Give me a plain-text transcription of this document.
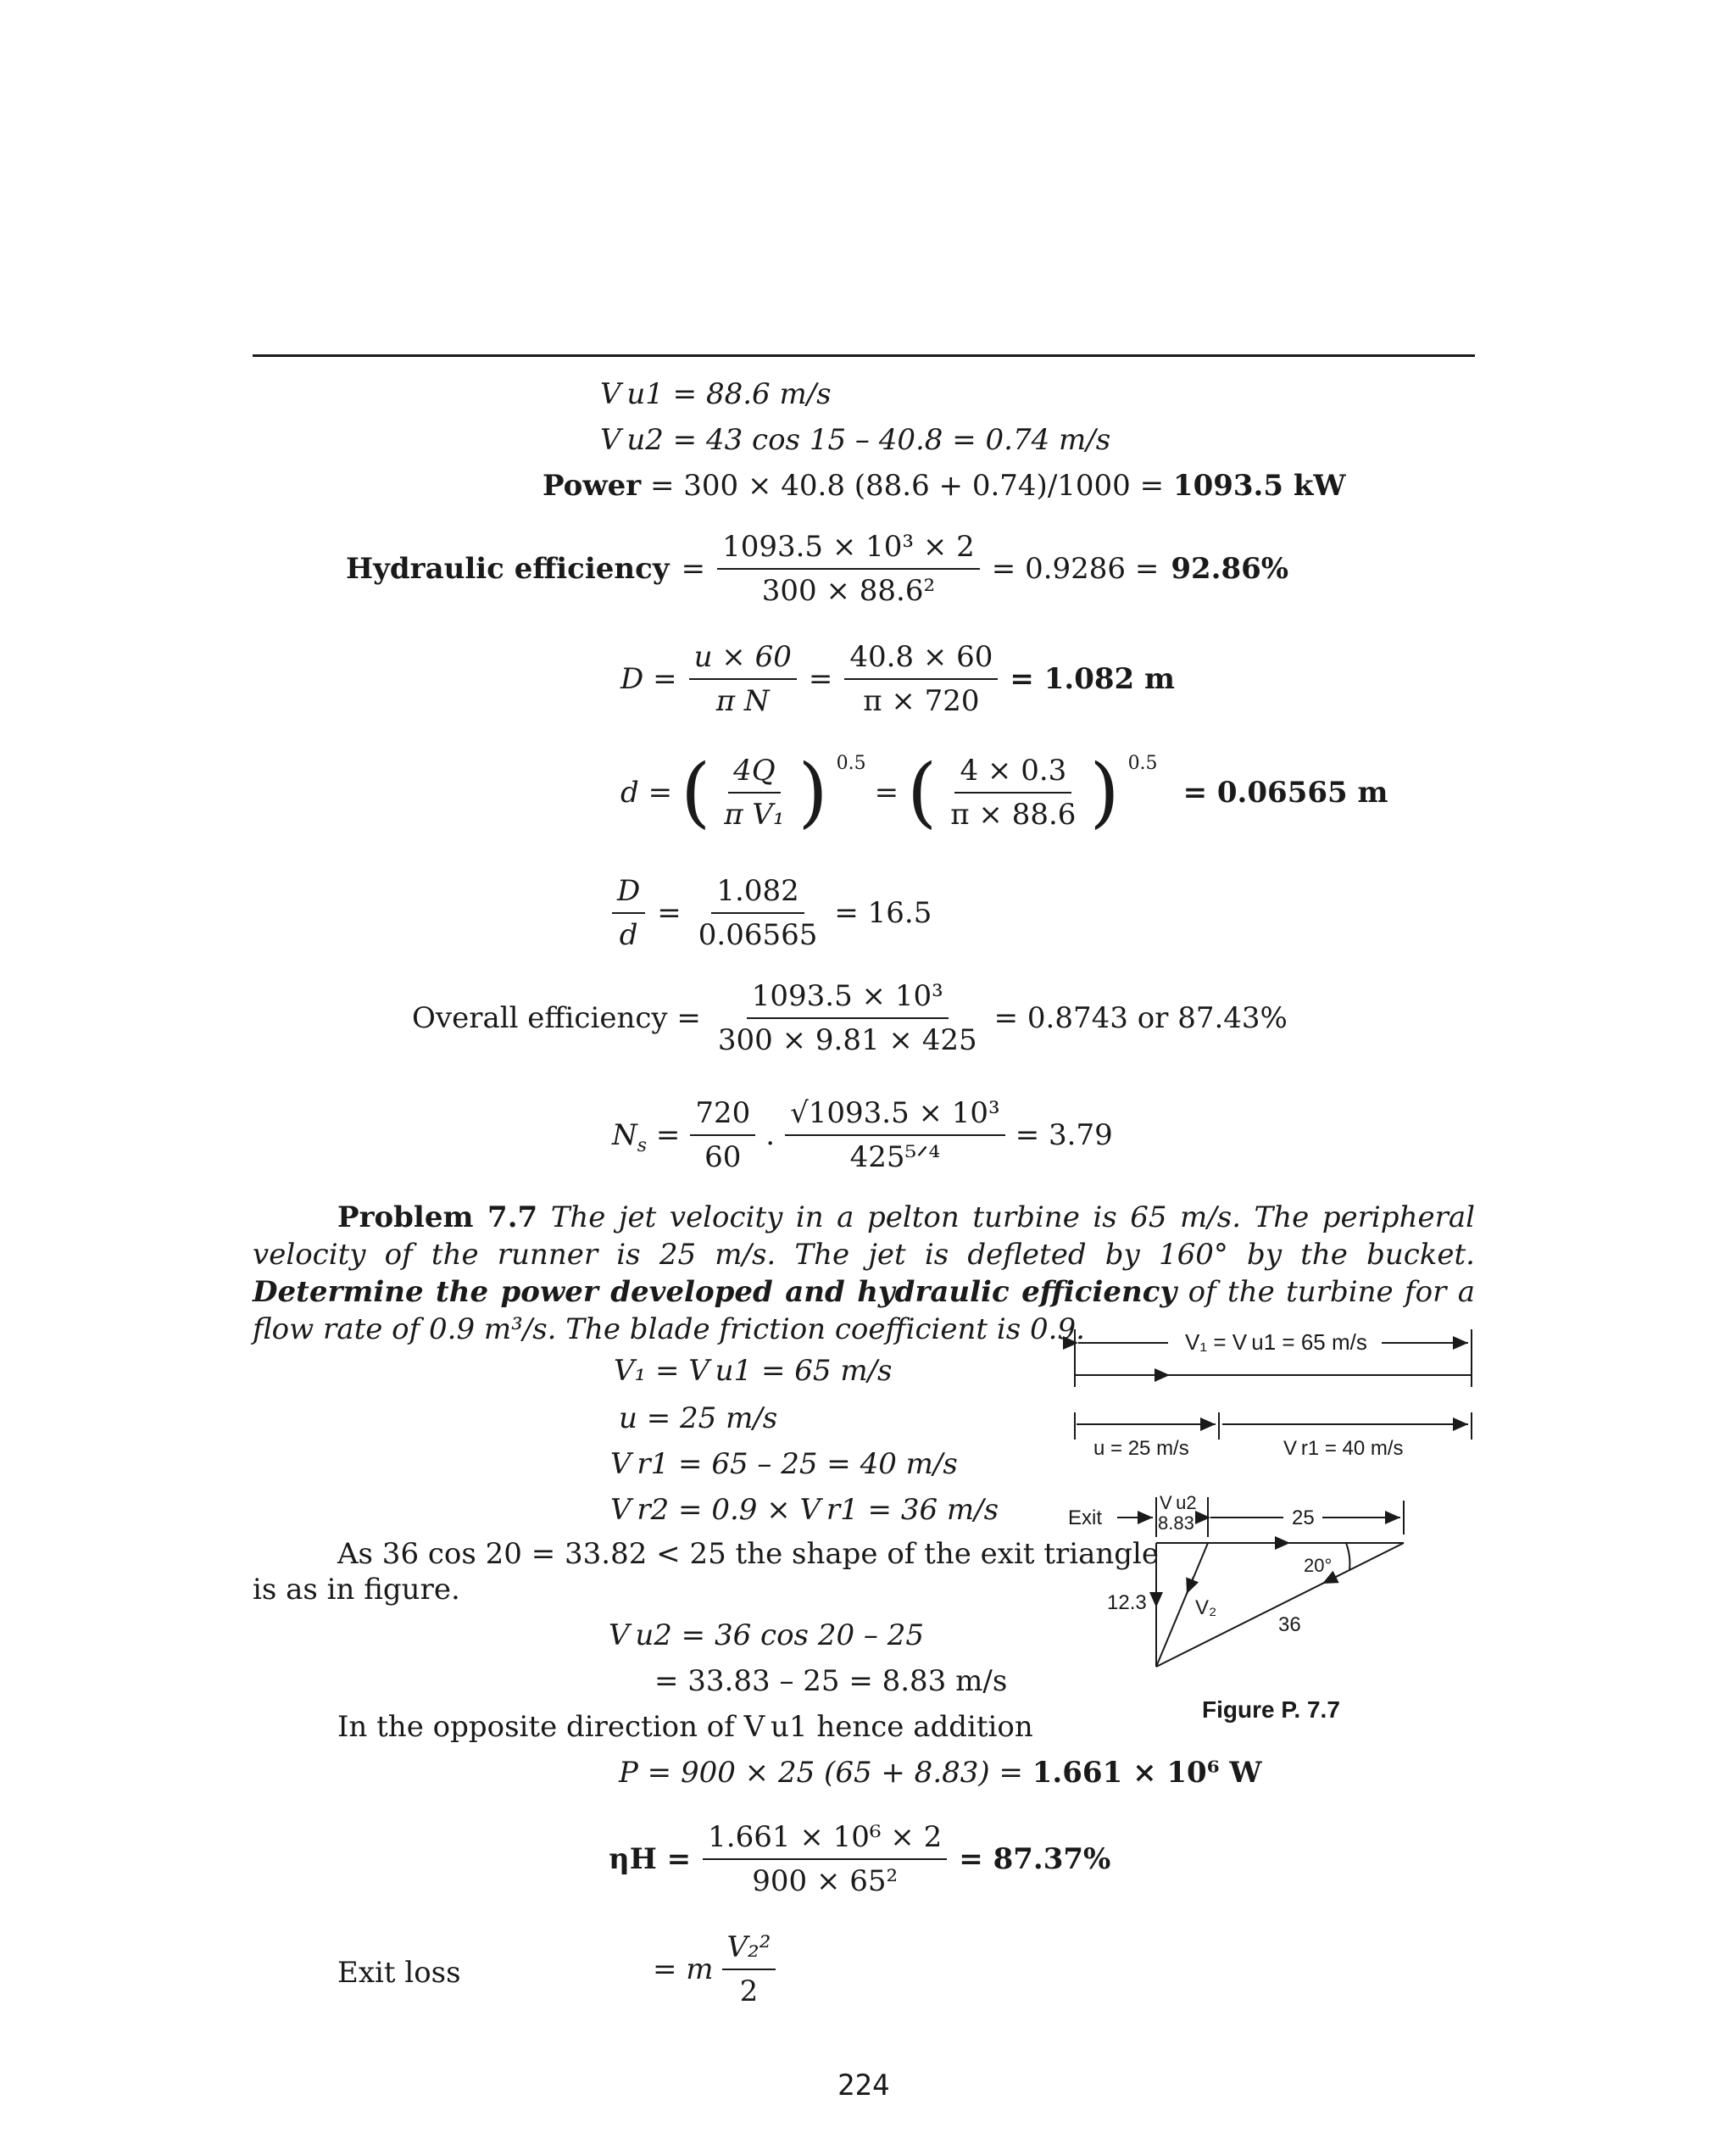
V u1 = 88.6 m/s
V u2 = 43 cos 15 – 40.8 = 0.74 m/s
Power = 300 × 40.8 (88.6 + 0.74)/1000 = 1093.5 kW
Hydraulic efficiency = $\frac{\text{1093.5 × 10³ × 2}}{\text{300 × 88.6²}} = 0.9286 = 92.86\%$
$D = \frac{u \times 60}{\text{π N}} = \frac{40.8 \times 60}{\pi \times 720} = 1.082$ m
d = ( $\frac{4Q}{\text{π V₁}}$ ) 0.5
= ( $\frac{4 \times 0.3}{\pi \times 88.6}$ ) 0.5
= 0.06565 m
$\frac{D}{d} = \frac{1.082}{0.06565} = 16.5$
Overall efficiency = $\frac{\text{1093.5 × 10³}}{300 \times 9.81 \times 425} = 0.8743$ or 87.43%
$N_s = \frac{720}{60}$ . $\frac{\text{√1093.5 × 10³}}{\text{425⁵ᐟ⁴}} = 3.79$
Problem 7.7 The jet velocity in a pelton turbine is 65 m/s. The peripheral velocity of the runner is 25 m/s. The jet is defleted by 160° by the bucket. Determine the power developed and hydraulic efficiency of the turbine for a flow rate of 0.9 m³/s. The blade friction coefficient is 0.9.
V₁ = V u1 = 65 m/s
u = 25 m/s
V r1 = 65 – 25 = 40 m/s
V r2 = 0.9 × V r1 = 36 m/s
As 36 cos 20 = 33.82 < 25 the shape of the exit triangle
is as in figure.
V u2 = 36 cos 20 – 25
= 33.83 – 25 = 8.83 m/s
In the opposite direction of V u1 hence addition
P = 900 × 25 (65 + 8.83) = 1.661 × 10⁶ W
$\eta H = \frac{\text{1.661 × 10⁶ × 2}}{\text{900 × 65²}} = 87.37\%$
Exit loss	= m $\frac{\text{V₂²}}{2}$
V₁ = V u1 = 65 m/s
u = 25 m/s	V r1 = 40 m/s
Exit
V u2
8.83	25
20°
12.3 V₂
36
Figure P. 7.7
224
